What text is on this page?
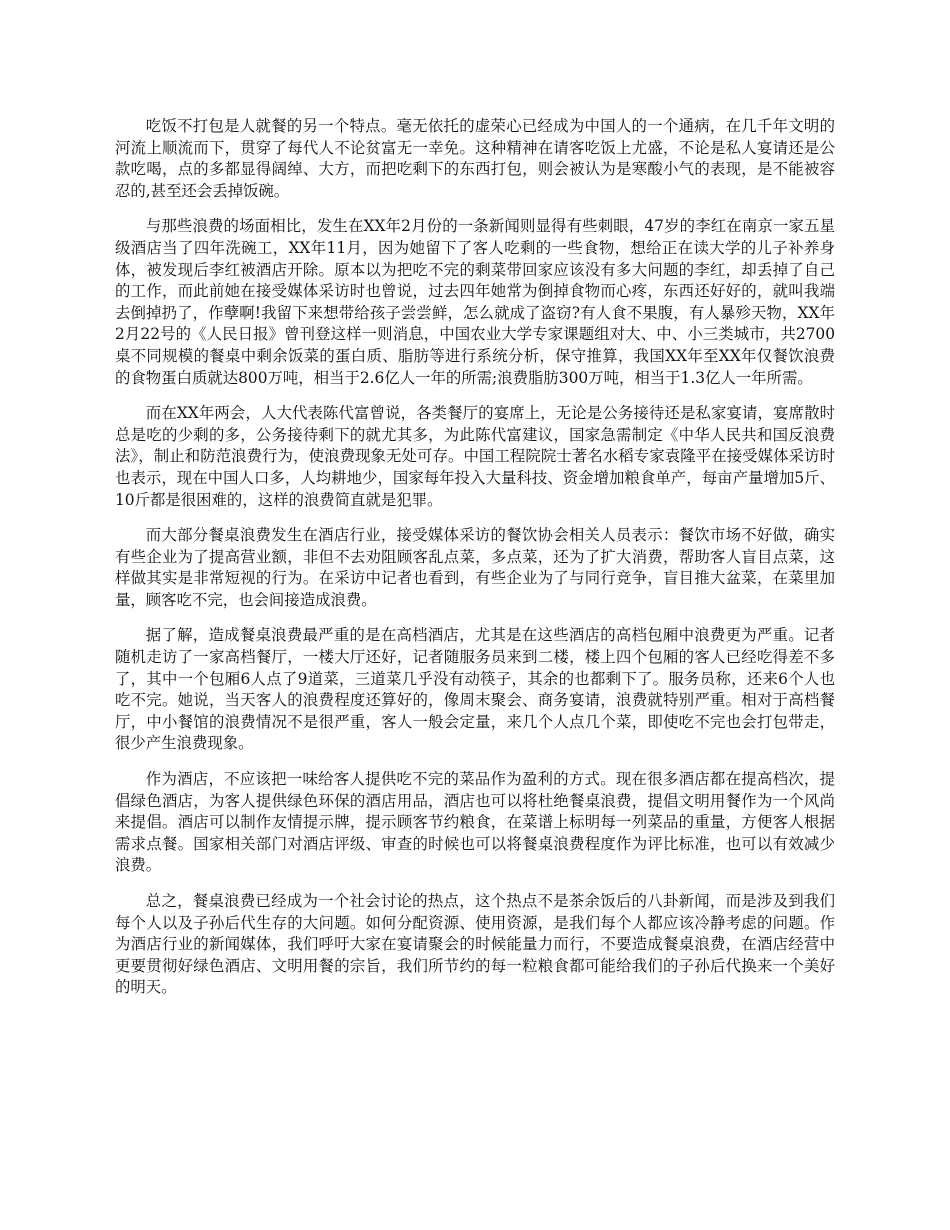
吃饭不打包是人就餐的另一个特点。毫无依托的虚荣心已经成为中国人的一个通病，在几千年文明的河流上顺流而下，贯穿了每代人不论贫富无一幸免。这种精神在请客吃饭上尤盛，不论是私人宴请还是公款吃喝，点的多都显得阔绰、大方，而把吃剩下的东西打包，则会被认为是寒酸小气的表现，是不能被容忍的,甚至还会丢掉饭碗。

与那些浪费的场面相比，发生在XX年2月份的一条新闻则显得有些刺眼，47岁的李红在南京一家五星级酒店当了四年洗碗工，XX年11月，因为她留下了客人吃剩的一些食物，想给正在读大学的儿子补养身体，被发现后李红被酒店开除。原本以为把吃不完的剩菜带回家应该没有多大问题的李红，却丢掉了自己的工作，而此前她在接受媒体采访时也曾说，过去四年她常为倒掉食物而心疼，东西还好好的，就叫我端去倒掉扔了，作孽啊!我留下来想带给孩子尝尝鲜，怎么就成了盗窃?有人食不果腹，有人暴殄天物，XX年2月22号的《人民日报》曾刊登这样一则消息，中国农业大学专家课题组对大、中、小三类城市，共2700桌不同规模的餐桌中剩余饭菜的蛋白质、脂肪等进行系统分析，保守推算，我国XX年至XX年仅餐饮浪费的食物蛋白质就达800万吨，相当于2.6亿人一年的所需;浪费脂肪300万吨，相当于1.3亿人一年所需。

而在XX年两会，人大代表陈代富曾说，各类餐厅的宴席上，无论是公务接待还是私家宴请，宴席散时总是吃的少剩的多，公务接待剩下的就尤其多，为此陈代富建议，国家急需制定《中华人民共和国反浪费法》，制止和防范浪费行为，使浪费现象无处可存。中国工程院院士著名水稻专家袁隆平在接受媒体采访时也表示，现在中国人口多，人均耕地少，国家每年投入大量科技、资金增加粮食单产，每亩产量增加5斤、10斤都是很困难的，这样的浪费简直就是犯罪。

而大部分餐桌浪费发生在酒店行业，接受媒体采访的餐饮协会相关人员表示：餐饮市场不好做，确实有些企业为了提高营业额，非但不去劝阻顾客乱点菜，多点菜，还为了扩大消费，帮助客人盲目点菜，这样做其实是非常短视的行为。在采访中记者也看到，有些企业为了与同行竞争，盲目推大盆菜，在菜里加量，顾客吃不完，也会间接造成浪费。

据了解，造成餐桌浪费最严重的是在高档酒店，尤其是在这些酒店的高档包厢中浪费更为严重。记者随机走访了一家高档餐厅，一楼大厅还好，记者随服务员来到二楼，楼上四个包厢的客人已经吃得差不多了，其中一个包厢6人点了9道菜，三道菜几乎没有动筷子，其余的也都剩下了。服务员称，还来6个人也吃不完。她说，当天客人的浪费程度还算好的，像周末聚会、商务宴请，浪费就特别严重。相对于高档餐厅，中小餐馆的浪费情况不是很严重，客人一般会定量，来几个人点几个菜，即使吃不完也会打包带走，很少产生浪费现象。

作为酒店，不应该把一味给客人提供吃不完的菜品作为盈利的方式。现在很多酒店都在提高档次，提倡绿色酒店，为客人提供绿色环保的酒店用品，酒店也可以将杜绝餐桌浪费，提倡文明用餐作为一个风尚来提倡。酒店可以制作友情提示牌，提示顾客节约粮食，在菜谱上标明每一列菜品的重量，方便客人根据需求点餐。国家相关部门对酒店评级、审查的时候也可以将餐桌浪费程度作为评比标准，也可以有效减少浪费。

总之，餐桌浪费已经成为一个社会讨论的热点，这个热点不是茶余饭后的八卦新闻，而是涉及到我们每个人以及子孙后代生存的大问题。如何分配资源、使用资源，是我们每个人都应该冷静考虑的问题。作为酒店行业的新闻媒体，我们呼吁大家在宴请聚会的时候能量力而行，不要造成餐桌浪费，在酒店经营中更要贯彻好绿色酒店、文明用餐的宗旨，我们所节约的每一粒粮食都可能给我们的子孙后代换来一个美好的明天。
